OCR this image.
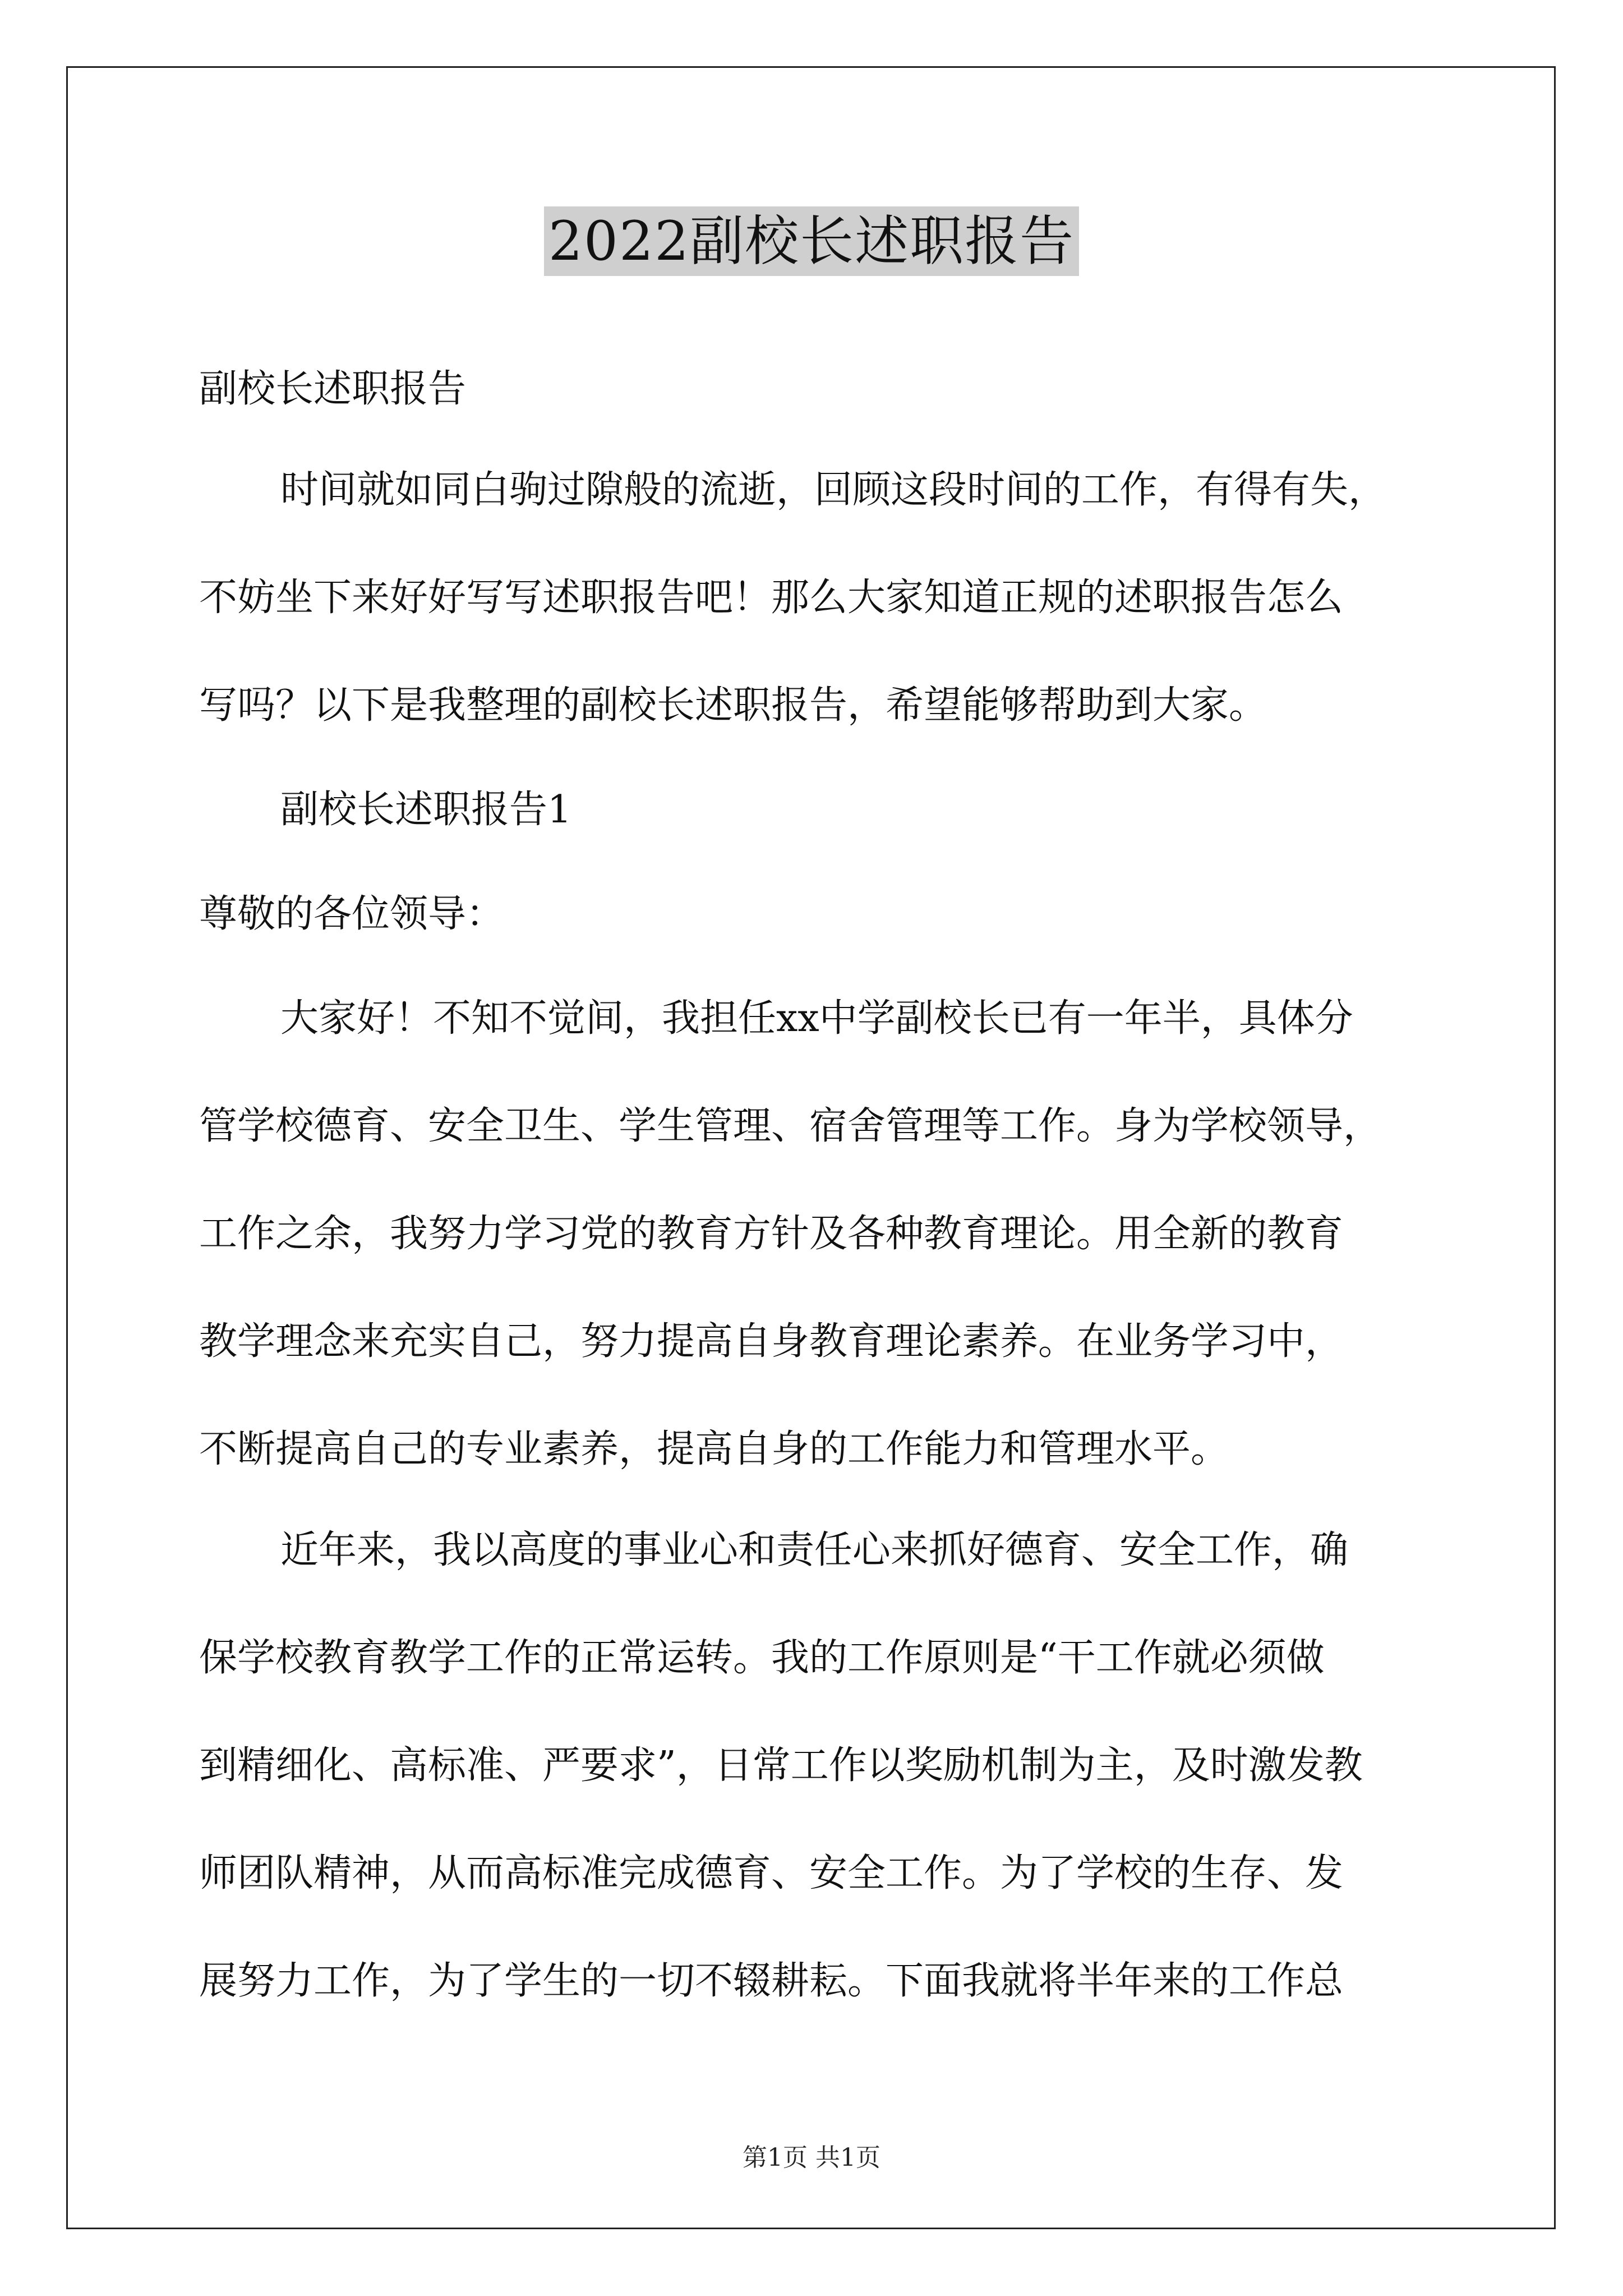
2022副校长述职报告

副校长述职报告

时间就如同白驹过隙般的流逝，回顾这段时间的工作，有得有失，

不妨坐下来好好写写述职报告吧！那么大家知道正规的述职报告怎么

写吗？以下是我整理的副校长述职报告，希望能够帮助到大家。

副校长述职报告1

尊敬的各位领导：

大家好！不知不觉间，我担任xx中学副校长已有一年半，具体分

管学校德育、安全卫生、学生管理、宿舍管理等工作。身为学校领导，

工作之余，我努力学习党的教育方针及各种教育理论。用全新的教育

教学理念来充实自己，努力提高自身教育理论素养。在业务学习中，

不断提高自己的专业素养，提高自身的工作能力和管理水平。

近年来，我以高度的事业心和责任心来抓好德育、安全工作，确

保学校教育教学工作的正常运转。我的工作原则是“干工作就必须做

到精细化、高标准、严要求”，日常工作以奖励机制为主，及时激发教

师团队精神，从而高标准完成德育、安全工作。为了学校的生存、发

展努力工作，为了学生的一切不辍耕耘。下面我就将半年来的工作总

第1页 共1页
